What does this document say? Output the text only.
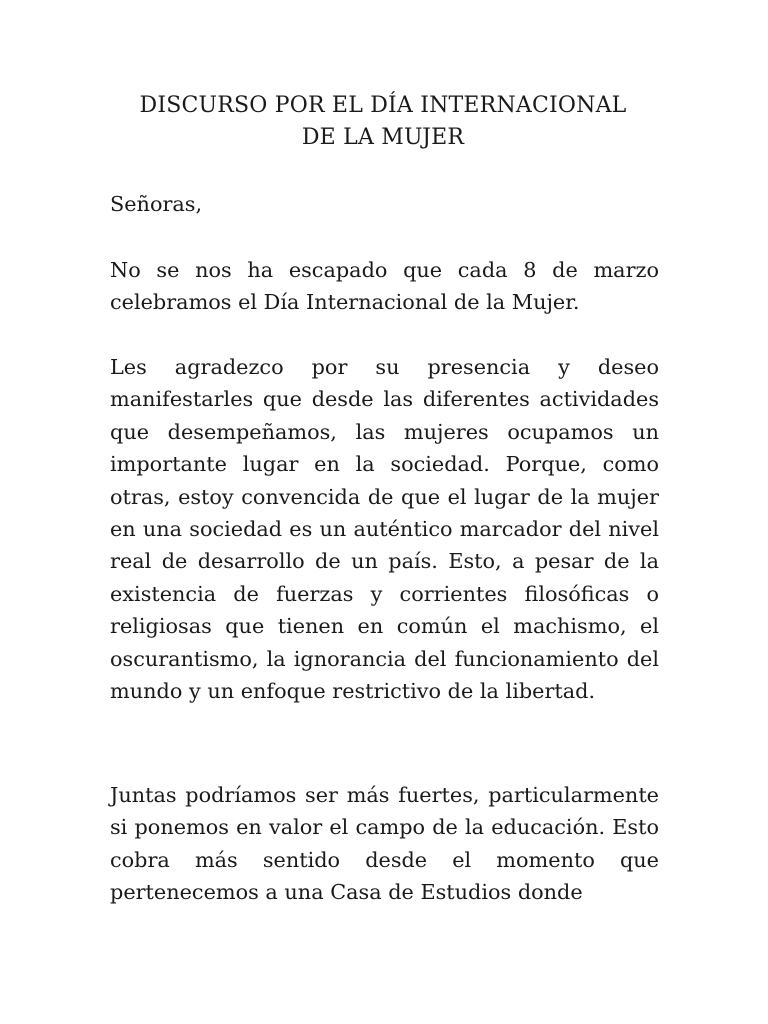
DISCURSO POR EL DÍA INTERNACIONAL
DE LA MUJER

Señoras,

No se nos ha escapado que cada 8 de marzo celebramos el Día Internacional de la Mujer.

Les agradezco por su presencia y deseo manifestarles que desde las diferentes actividades que desempeñamos, las mujeres ocupamos un importante lugar en la sociedad. Porque, como otras, estoy convencida de que el lugar de la mujer en una sociedad es un auténtico marcador del nivel real de desarrollo de un país. Esto, a pesar de la existencia de fuerzas y corrientes filosóficas o religiosas que tienen en común el machismo, el oscurantismo, la ignorancia del funcionamiento del mundo y un enfoque restrictivo de la libertad.

Juntas podríamos ser más fuertes, particularmente si ponemos en valor el campo de la educación. Esto cobra más sentido desde el momento que pertenecemos a una Casa de Estudios donde
